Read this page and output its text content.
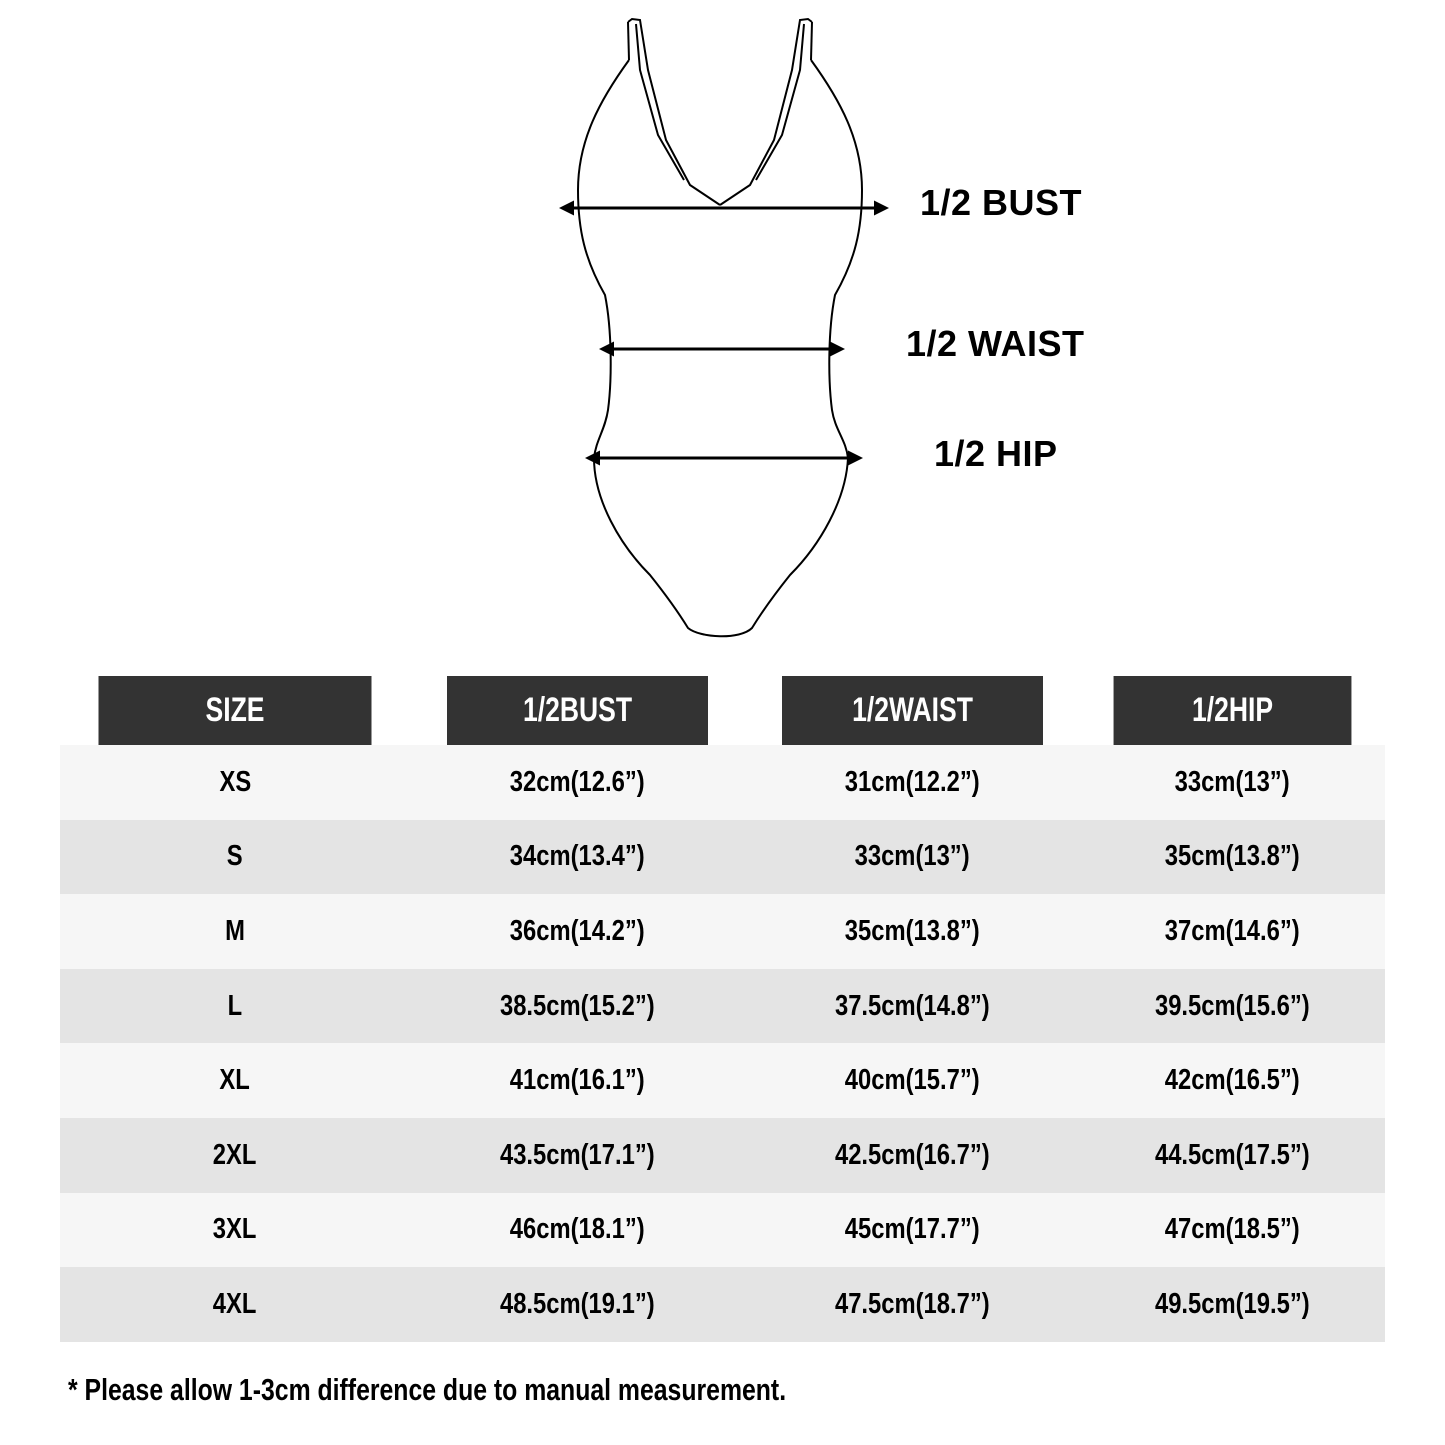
1/2 BUST
1/2 WAIST
1/2 HIP
SIZE	1/2BUST	1/2WAIST	1/2HIP
XS	32cm(12.6”)	31cm(12.2”)	33cm(13”)
S	34cm(13.4”)	33cm(13”)	35cm(13.8”)
M	36cm(14.2”)	35cm(13.8”)	37cm(14.6”)
L	38.5cm(15.2”)	37.5cm(14.8”)	39.5cm(15.6”)
XL	41cm(16.1”)	40cm(15.7”)	42cm(16.5”)
2XL	43.5cm(17.1”)	42.5cm(16.7”)	44.5cm(17.5”)
3XL	46cm(18.1”)	45cm(17.7”)	47cm(18.5”)
4XL	48.5cm(19.1”)	47.5cm(18.7”)	49.5cm(19.5”)
* Please allow 1-3cm difference due to manual measurement.
